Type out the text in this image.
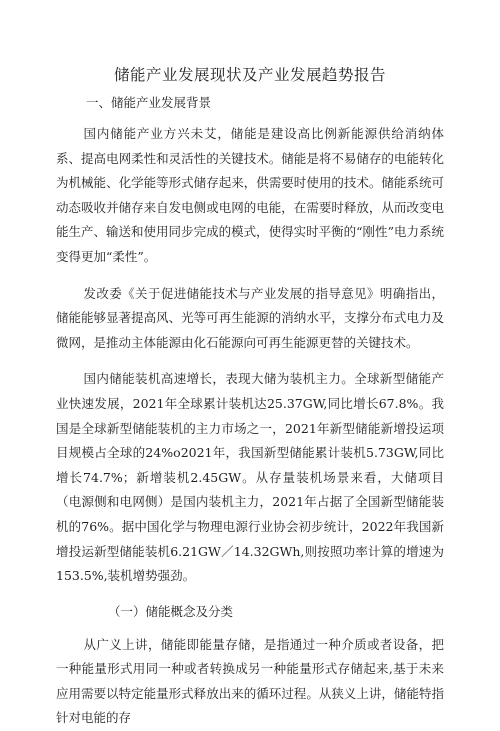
储能产业发展现状及产业发展趋势报告
一、储能产业发展背景

国内储能产业方兴未艾，储能是建设高比例新能源供给消纳体系、提高电网柔性和灵活性的关键技术。储能是将不易储存的电能转化为机械能、化学能等形式储存起来，供需要时使用的技术。储能系统可动态吸收并储存来自发电侧或电网的电能，在需要时释放，从而改变电能生产、输送和使用同步完成的模式，使得实时平衡的“刚性”电力系统变得更加“柔性”。

发改委《关于促进储能技术与产业发展的指导意见》明确指出，储能能够显著提高风、光等可再生能源的消纳水平，支撑分布式电力及微网，是推动主体能源由化石能源向可再生能源更替的关键技术。

国内储能装机高速增长，表现大储为装机主力。全球新型储能产业快速发展，2021年全球累计装机达25.37GW,同比增长67.8%。我国是全球新型储能装机的主力市场之一，2021年新型储能新增投运项目规模占全球的24%o2021年，我国新型储能累计装机5.73GW,同比增长74.7%；新增装机2.45GW。从存量装机场景来看，大储项目（电源侧和电网侧）是国内装机主力，2021年占据了全国新型储能装机的76%。据中国化学与物理电源行业协会初步统计，2022年我国新增投运新型储能装机6.21GW／14.32GWh,则按照功率计算的增速为153.5%,装机增势强劲。

（一）储能概念及分类

从广义上讲，储能即能量存储，是指通过一种介质或者设备，把一种能量形式用同一种或者转换成另一种能量形式存储起来,基于未来应用需要以特定能量形式释放出来的循环过程。从狭义上讲，储能特指针对电能的存
